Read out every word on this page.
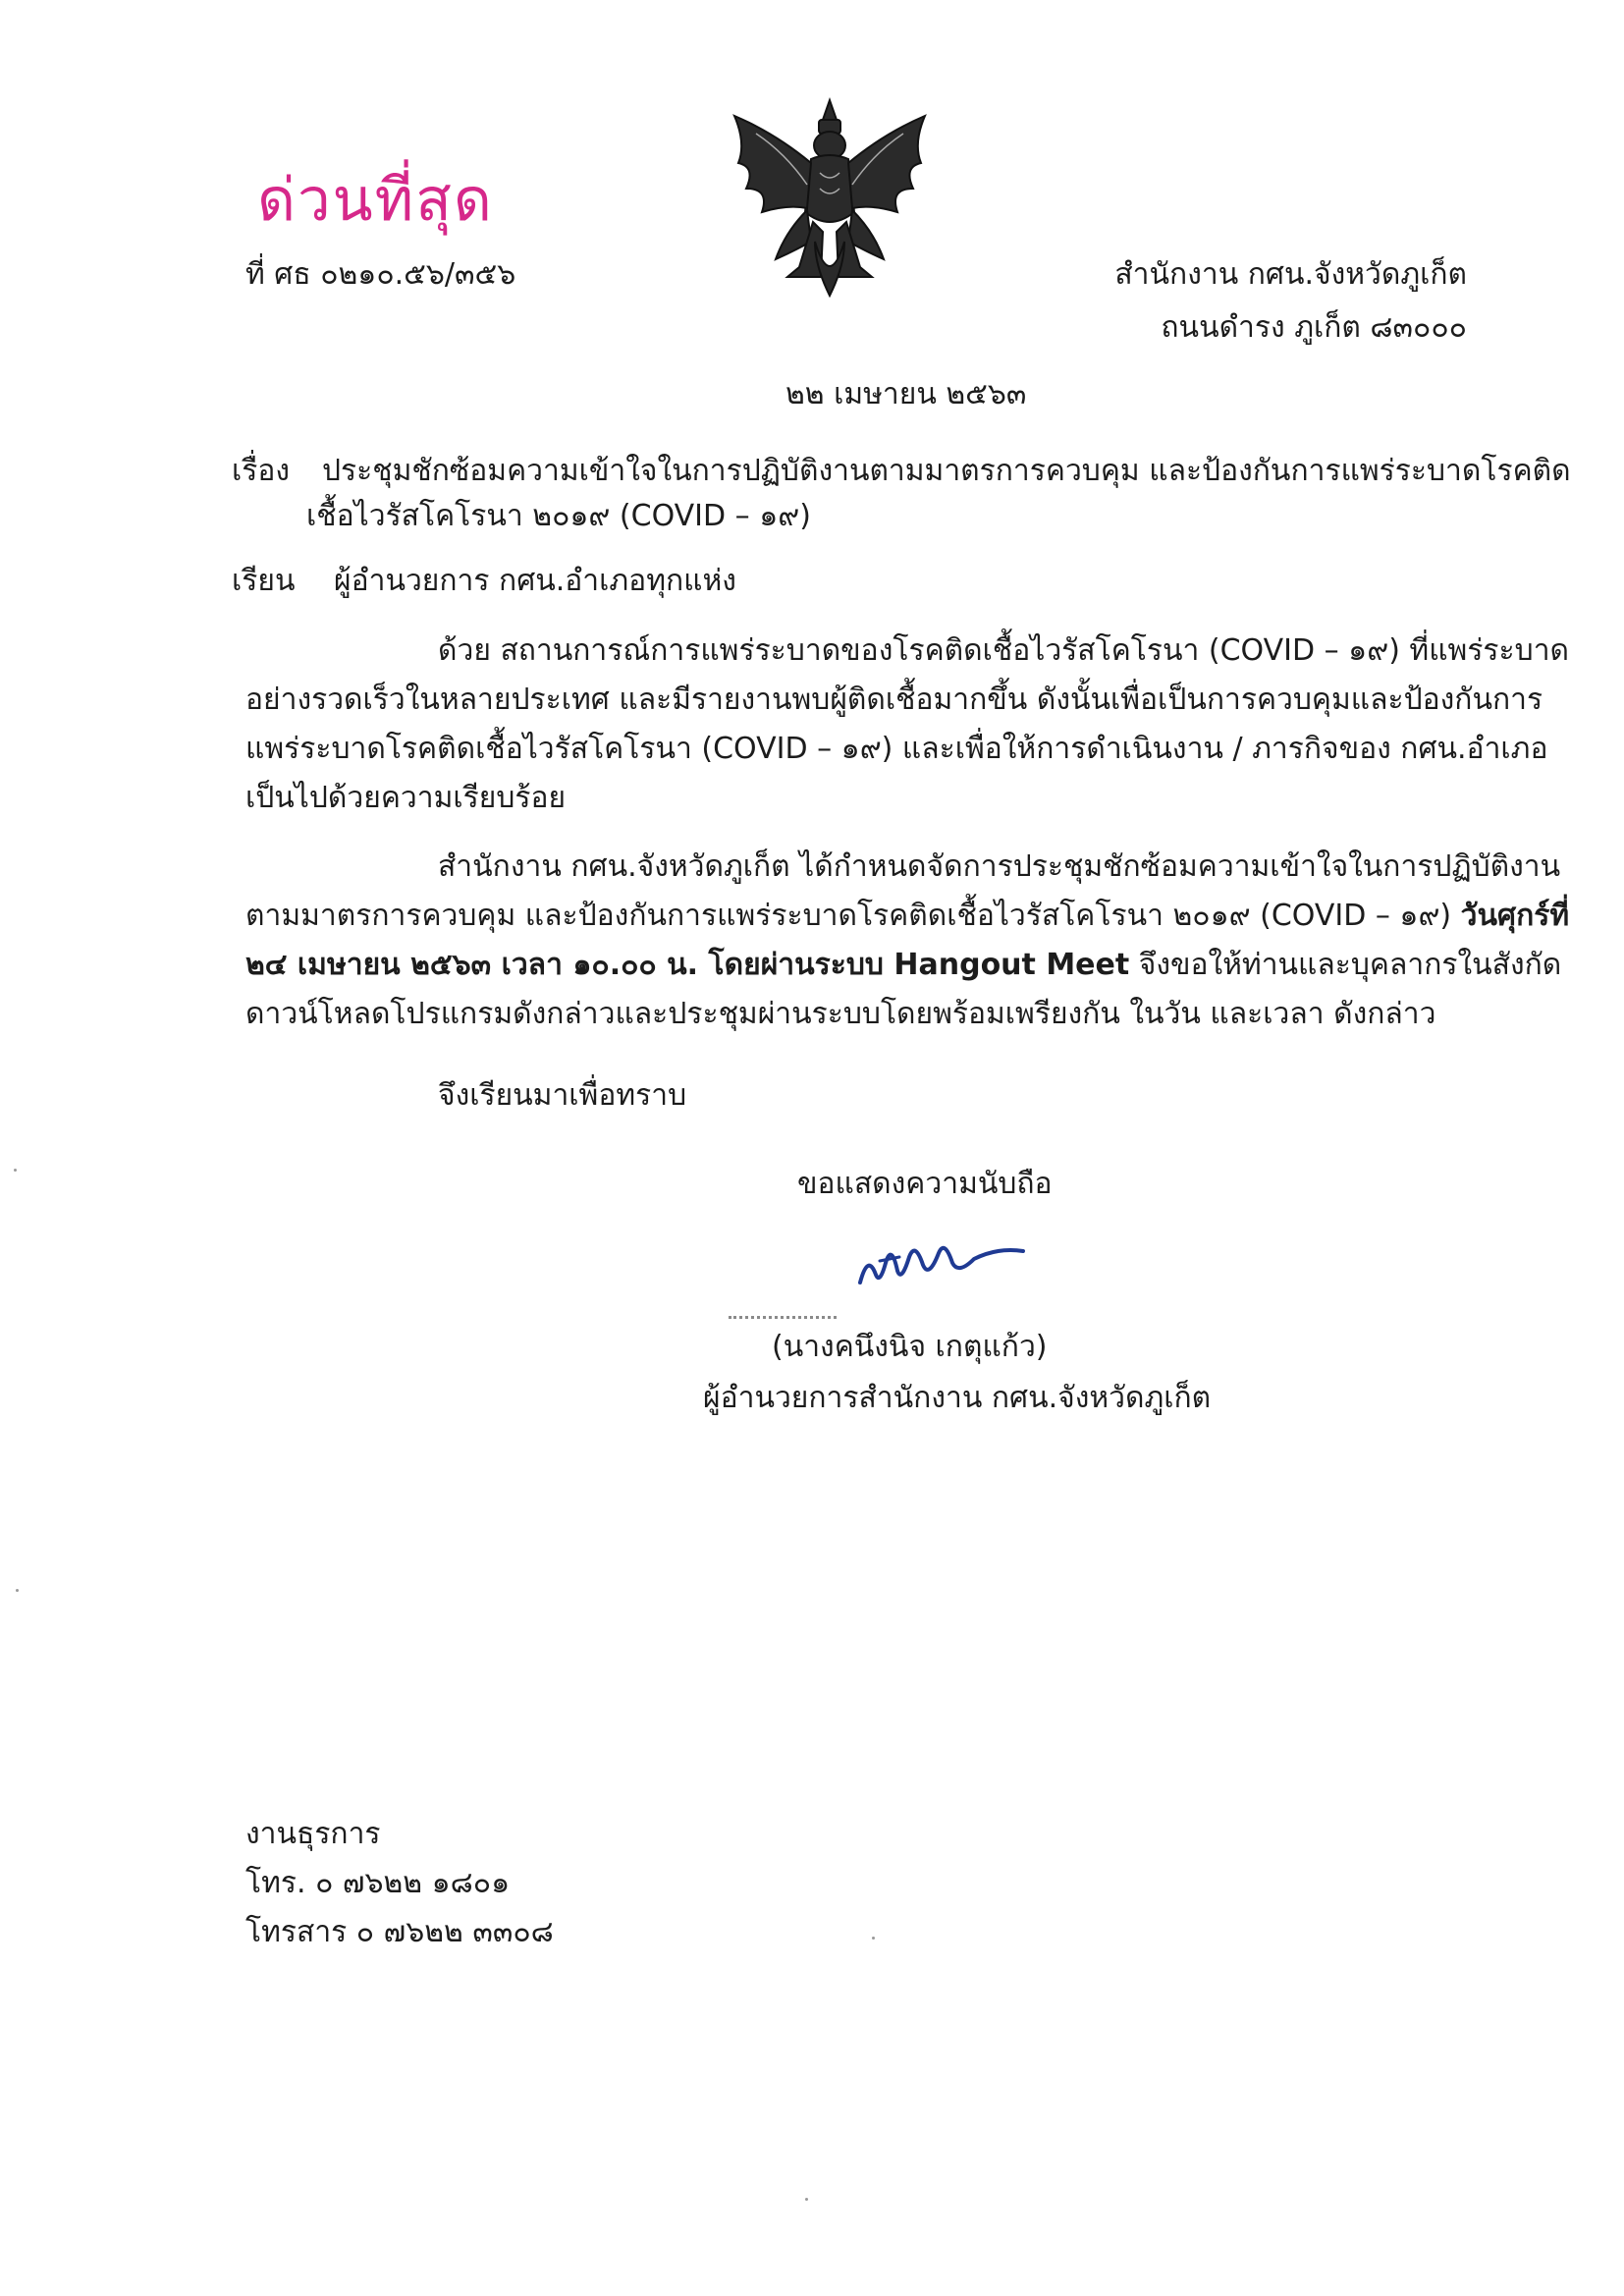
ด่วนที่สุด
ที่ ศธ ๐๒๑๐.๕๖/๓๕๖	สำนักงาน กศน.จังหวัดภูเก็ต
ถนนดำรง ภูเก็ต ๘๓๐๐๐
๒๒ เมษายน ๒๕๖๓
เรื่อง ประชุมชักซ้อมความเข้าใจในการปฏิบัติงานตามมาตรการควบคุม และป้องกันการแพร่ระบาดโรคติด
เชื้อไวรัสโคโรนา ๒๐๑๙ (COVID – ๑๙)
เรียน ผู้อำนวยการ กศน.อำเภอทุกแห่ง
ด้วย สถานการณ์การแพร่ระบาดของโรคติดเชื้อไวรัสโคโรนา (COVID – ๑๙) ที่แพร่ระบาด
อย่างรวดเร็วในหลายประเทศ และมีรายงานพบผู้ติดเชื้อมากขึ้น ดังนั้นเพื่อเป็นการควบคุมและป้องกันการ
แพร่ระบาดโรคติดเชื้อไวรัสโคโรนา (COVID – ๑๙) และเพื่อให้การดำเนินงาน / ภารกิจของ กศน.อำเภอ
เป็นไปด้วยความเรียบร้อย
สำนักงาน กศน.จังหวัดภูเก็ต ได้กำหนดจัดการประชุมชักซ้อมความเข้าใจในการปฏิบัติงาน
ตามมาตรการควบคุม และป้องกันการแพร่ระบาดโรคติดเชื้อไวรัสโคโรนา ๒๐๑๙ (COVID – ๑๙) วันศุกร์ที่
๒๔ เมษายน ๒๕๖๓ เวลา ๑๐.๐๐ น. โดยผ่านระบบ Hangout Meet จึงขอให้ท่านและบุคลากรในสังกัด
ดาวน์โหลดโปรแกรมดังกล่าวและประชุมผ่านระบบโดยพร้อมเพรียงกัน ในวัน และเวลา ดังกล่าว
จึงเรียนมาเพื่อทราบ
ขอแสดงความนับถือ
(นางคนึงนิจ เกตุแก้ว)
ผู้อำนวยการสำนักงาน กศน.จังหวัดภูเก็ต
งานธุรการ
โทร. ๐ ๗๖๒๒ ๑๘๐๑
โทรสาร ๐ ๗๖๒๒ ๓๓๐๘
